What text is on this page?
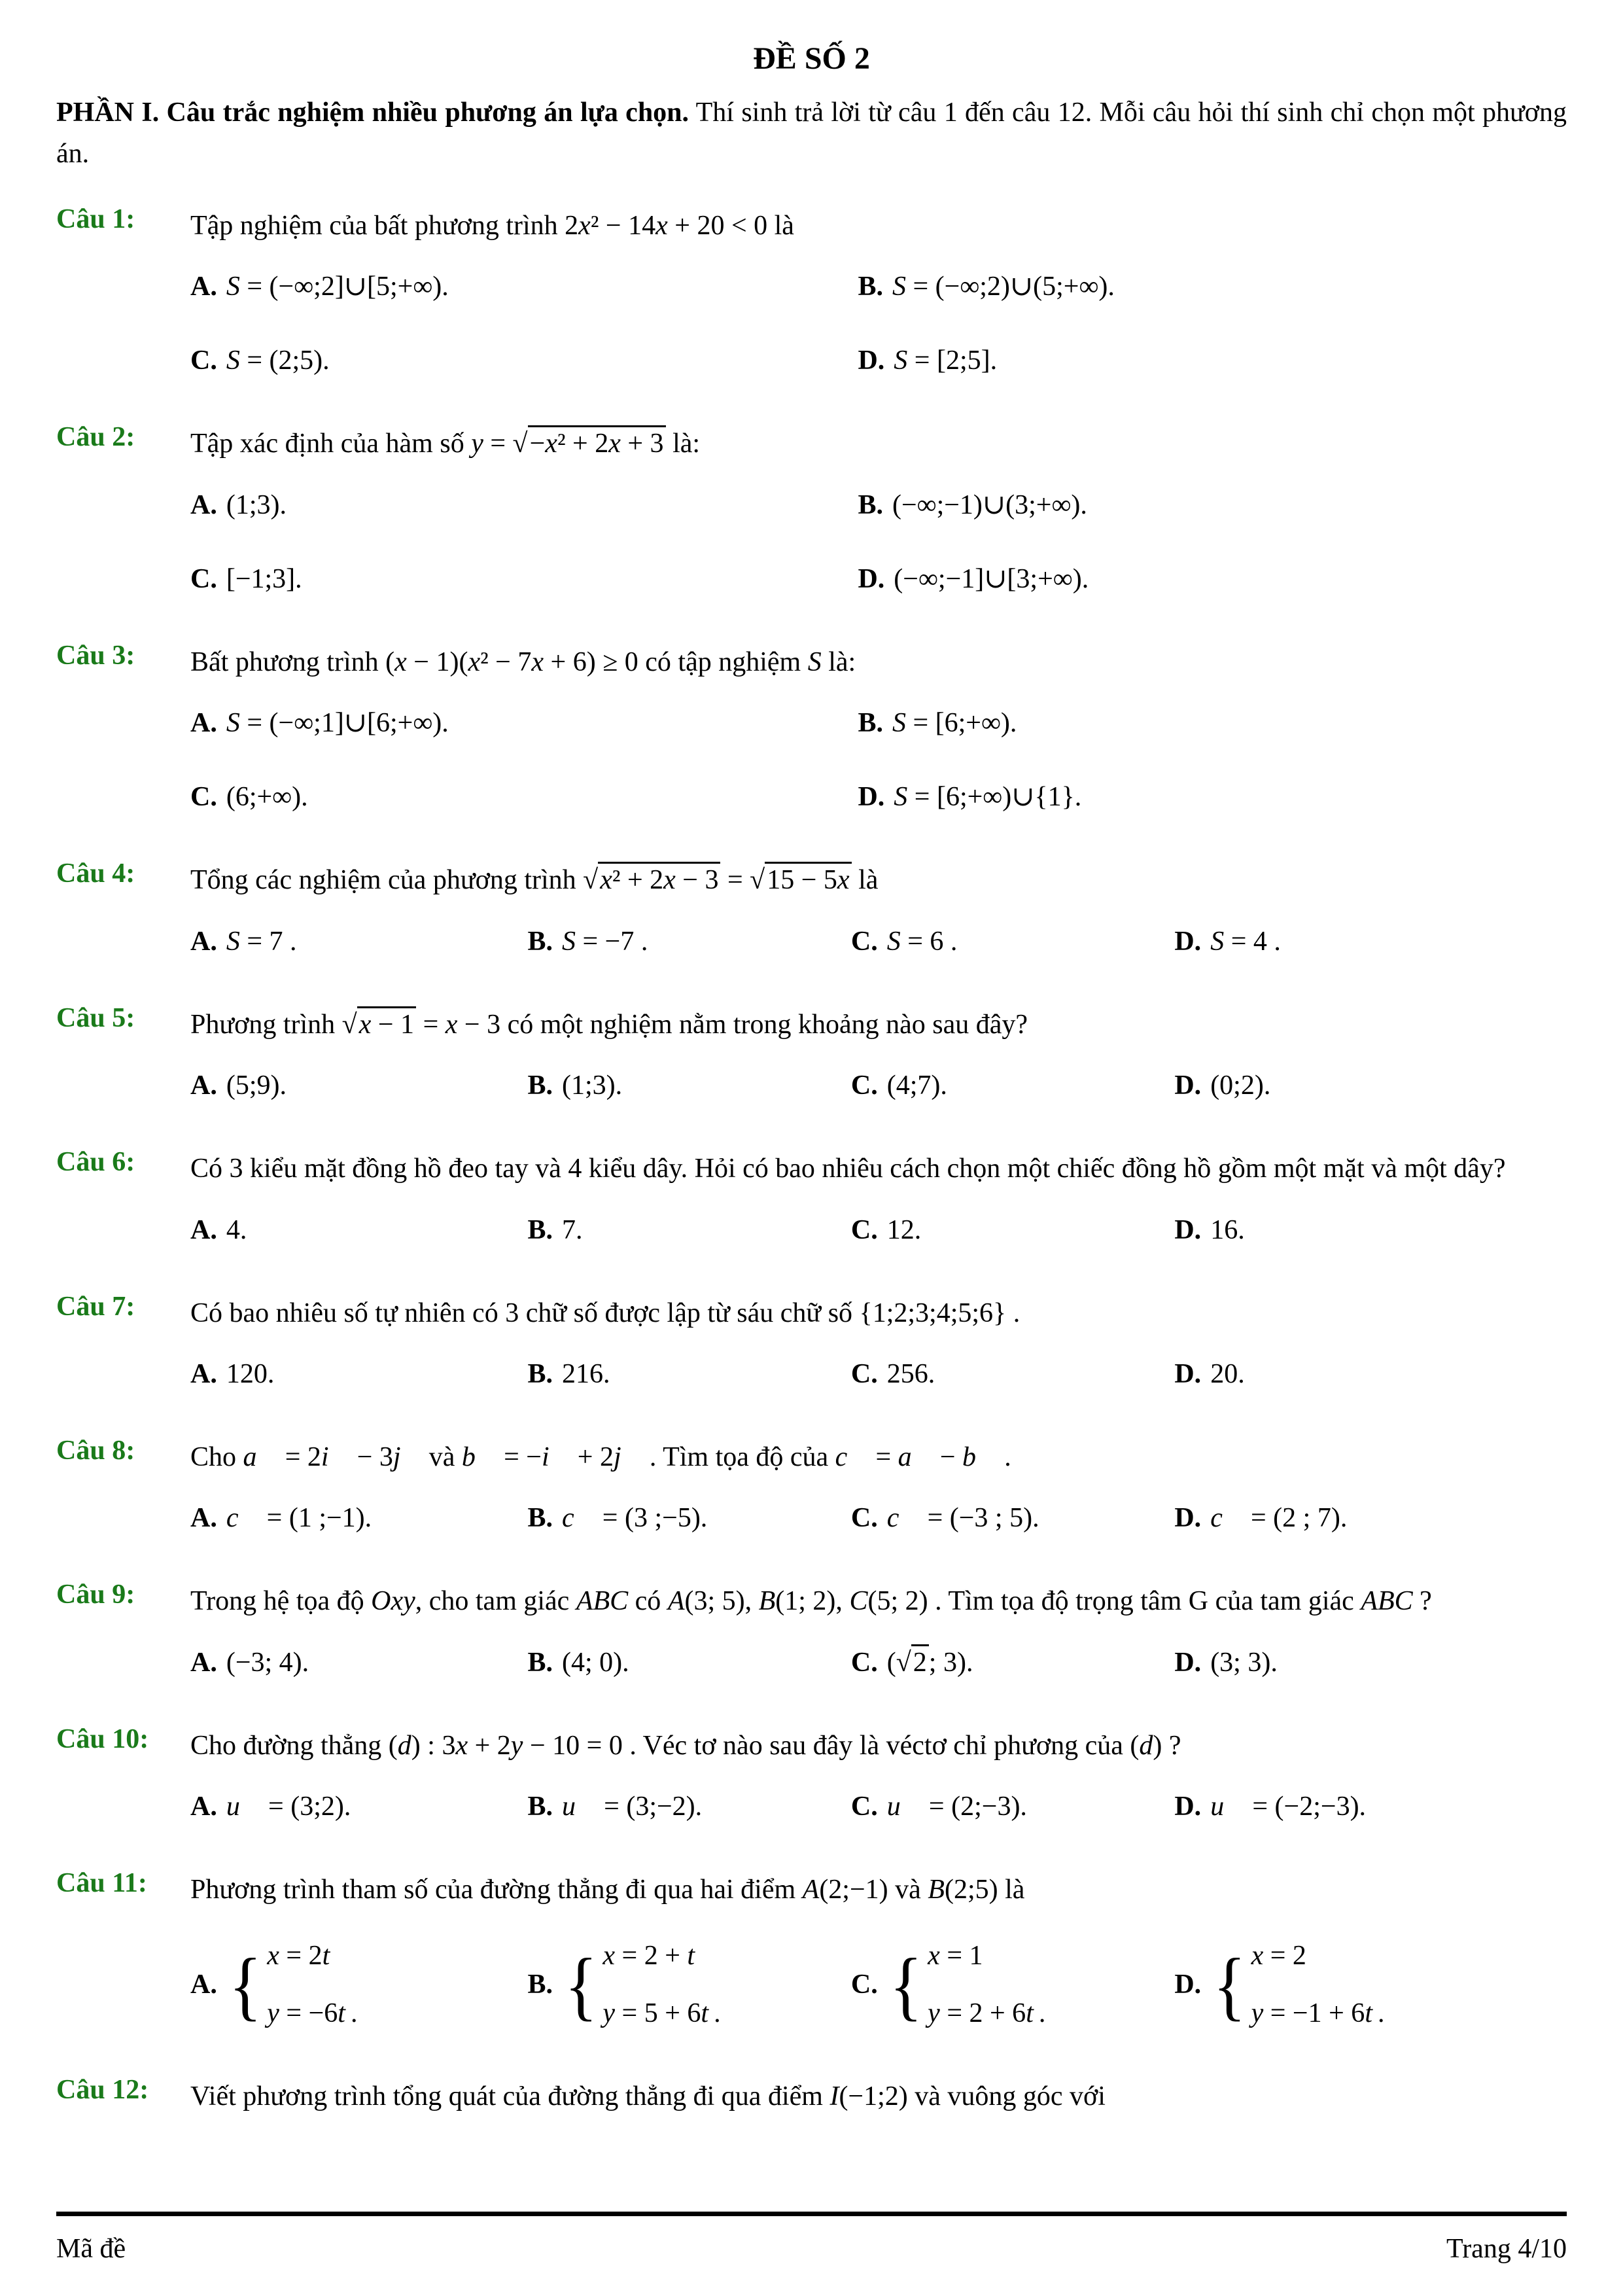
ĐỀ SỐ 2

PHẦN I. Câu trắc nghiệm nhiều phương án lựa chọn. Thí sinh trả lời từ câu 1 đến câu 12. Mỗi câu hỏi thí sinh chỉ chọn một phương án.

Câu 1:	Tập nghiệm của bất phương trình 2x² − 14x + 20 < 0 là
A. S = (−∞;2]∪[5;+∞).	B. S = (−∞;2)∪(5;+∞).
C. S = (2;5).	D. S = [2;5].
Câu 2:	Tập xác định của hàm số y = √−x² + 2x + 3 là:
A. (1;3).	B. (−∞;−1)∪(3;+∞).
C. [−1;3].	D. (−∞;−1]∪[3;+∞).
Câu 3:	Bất phương trình (x − 1)(x² − 7x + 6) ≥ 0 có tập nghiệm S là:
A. S = (−∞;1]∪[6;+∞).	B. S = [6;+∞).
C. (6;+∞).	D. S = [6;+∞)∪{1}.
Câu 4:	Tổng các nghiệm của phương trình √x² + 2x − 3 = √15 − 5x là
A. S = 7 .	B. S = −7 .	C. S = 6 .	D. S = 4 .
Câu 5:	Phương trình √x − 1 = x − 3 có một nghiệm nằm trong khoảng nào sau đây?
A. (5;9).	B. (1;3).	C. (4;7).	D. (0;2).
Câu 6:	Có 3 kiểu mặt đồng hồ đeo tay và 4 kiểu dây. Hỏi có bao nhiêu cách chọn một chiếc đồng hồ gồm một mặt và một dây?
A. 4.	B. 7.	C. 12.	D. 16.
Câu 7:	Có bao nhiêu số tự nhiên có 3 chữ số được lập từ sáu chữ số {1;2;3;4;5;6} .
A. 120.	B. 216.	C. 256.	D. 20.
Câu 8:	Cho a⃗ = 2i⃗ − 3j⃗ và b⃗ = −i⃗ + 2j⃗ . Tìm tọa độ của c⃗ = a⃗ − b⃗ .
A. c⃗ = (1 ;−1).	B. c⃗ = (3 ;−5).	C. c⃗ = (−3 ; 5).	D. c⃗ = (2 ; 7).
Câu 9:	Trong hệ tọa độ Oxy, cho tam giác ABC có A(3; 5), B(1; 2), C(5; 2) . Tìm tọa độ trọng tâm G của tam giác ABC ?
A. (−3; 4).	B. (4; 0).	C. (√2; 3).	D. (3; 3).
Câu 10:	Cho đường thẳng (d) : 3x + 2y − 10 = 0 . Véc tơ nào sau đây là véctơ chỉ phương của (d) ?
A. u⃗ = (3;2).	B. u⃗ = (3;−2).	C. u⃗ = (2;−3).	D. u⃗ = (−2;−3).
Câu 11:	Phương trình tham số của đường thẳng đi qua hai điểm A(2;−1) và B(2;5) là
A. { x = 2t
y = −6t .
B. { x = 2 + t
y = 5 + 6t .
C. { x = 1
y = 2 + 6t .
D. { x = 2
y = −1 + 6t .
Câu 12:	Viết phương trình tổng quát của đường thẳng đi qua điểm I(−1;2) và vuông góc với
Mã đề	Trang 4/10
